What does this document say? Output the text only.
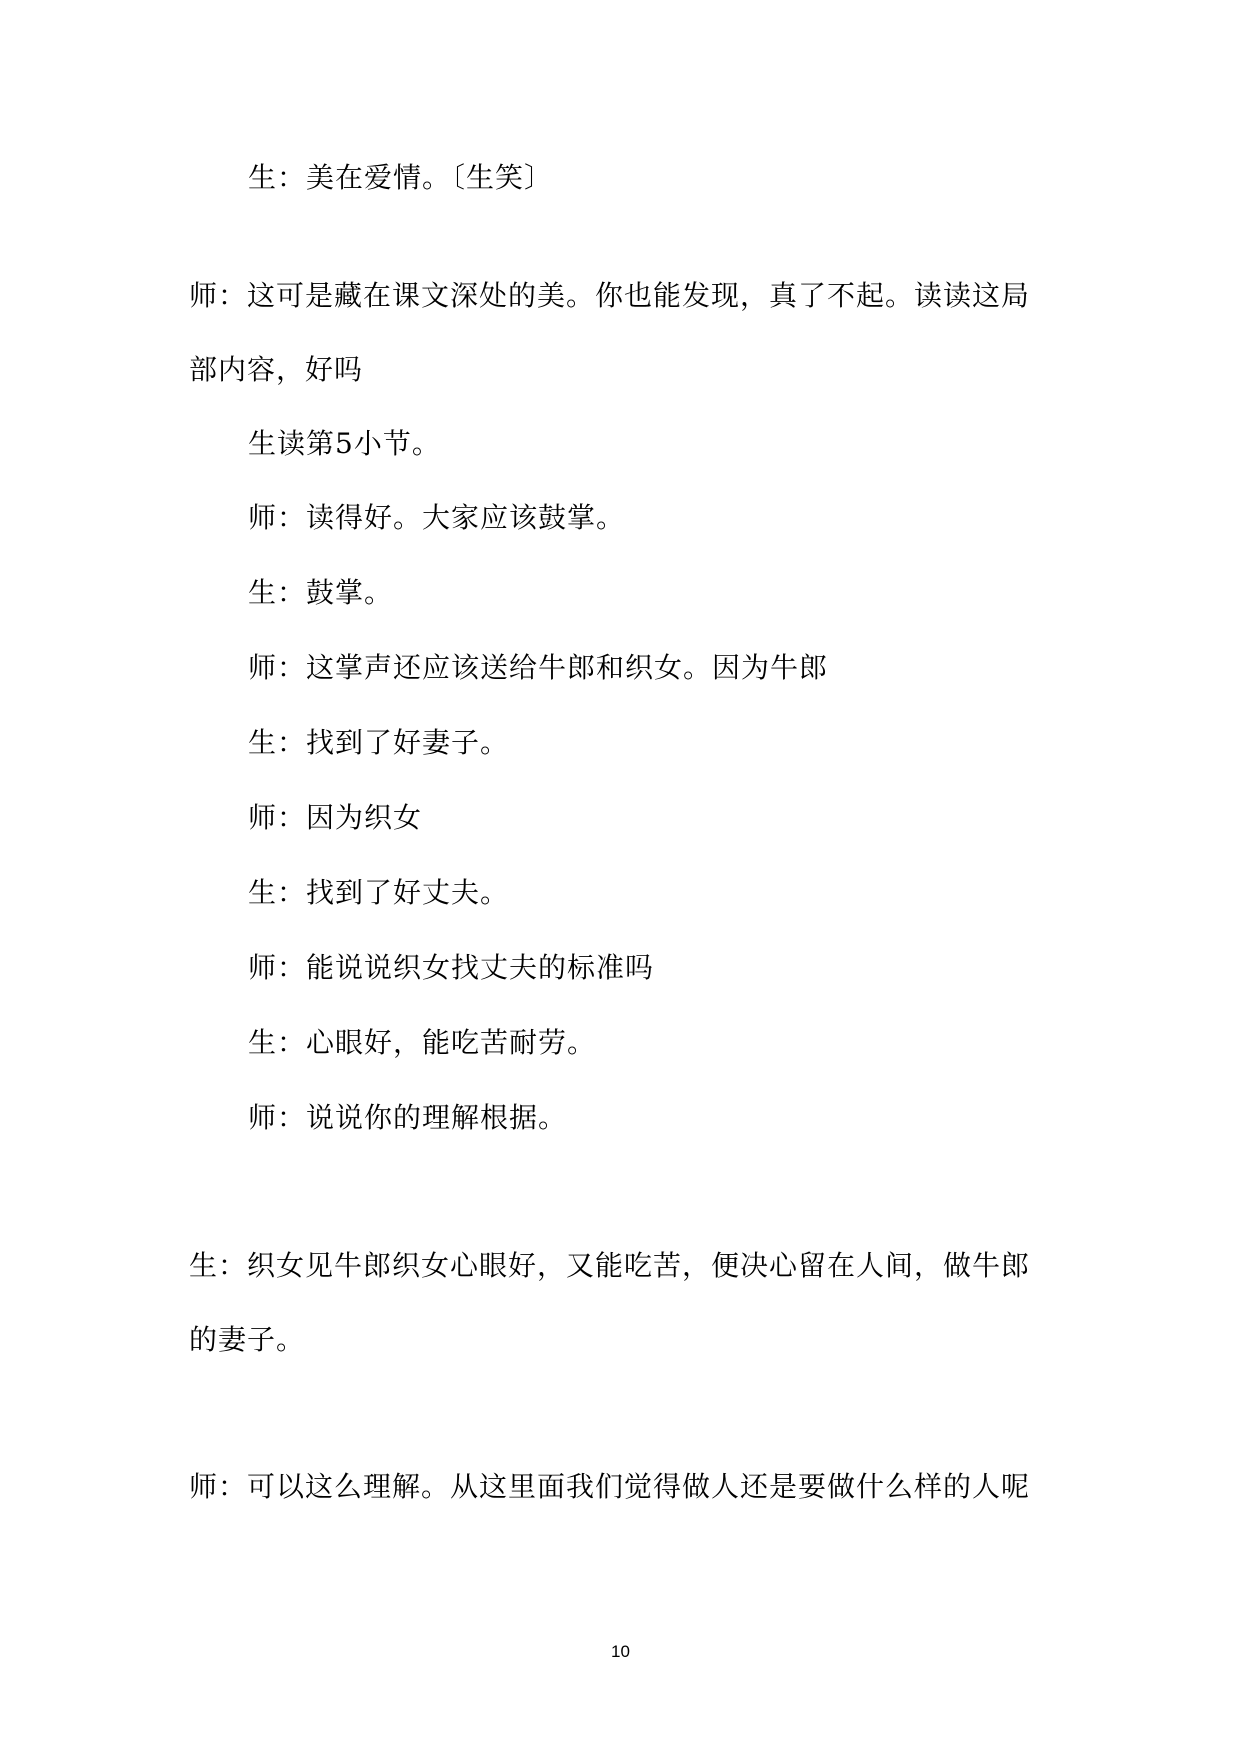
生：美在爱情。〔生笑〕
师：这可是藏在课文深处的美。你也能发现，真了不起。读读这局
部内容，好吗
生读第5小节。
师：读得好。大家应该鼓掌。
生：鼓掌。
师：这掌声还应该送给牛郎和织女。因为牛郎
生：找到了好妻子。
师：因为织女
生：找到了好丈夫。
师：能说说织女找丈夫的标准吗
生：心眼好，能吃苦耐劳。
师：说说你的理解根据。
生：织女见牛郎织女心眼好，又能吃苦，便决心留在人间，做牛郎
的妻子。
师：可以这么理解。从这里面我们觉得做人还是要做什么样的人呢
10
